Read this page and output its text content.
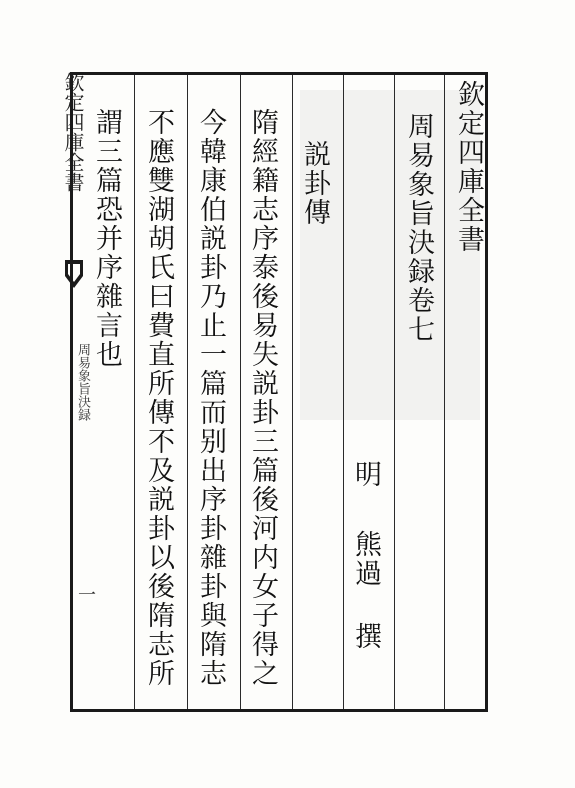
欽定四庫全書
周易象旨決録
一
欽定四庫全書
周易象旨決録卷七
明
熊過
撰
説卦傳
隋經籍志序泰後易失説卦三篇後河内女子得之
今韓康伯説卦乃止一篇而别出序卦雜卦與隋志
不應雙湖胡氏曰費直所傳不及説卦以後隋志所
謂三篇恐并序雜言也
